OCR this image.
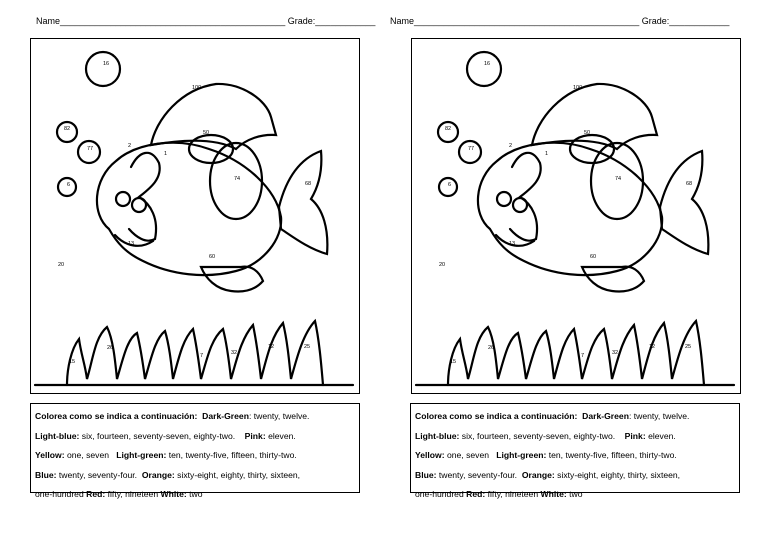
Name_____________________________________________ Grade:____________
16
100
50
82
2
77
1
6
74
68
13
20
60
26	25
12
7	32
15
Colorea como se indica a continuación: Dark-Green: twenty, twelve.
Light-blue: six, fourteen, seventy-seven, eighty-two. Pink: eleven.
Yellow: one, seven Light-green: ten, twenty-five, fifteen, thirty-two.
Blue: twenty, seventy-four. Orange: sixty-eight, eighty, thirty, sixteen,
one-hundred Red: fifty, nineteen White: two
Name_____________________________________________ Grade:____________
16
100
50
82
2
77
1
6
74
68
13
20
60
26	25
12
7	32
15
Colorea como se indica a continuación: Dark-Green: twenty, twelve.
Light-blue: six, fourteen, seventy-seven, eighty-two. Pink: eleven.
Yellow: one, seven Light-green: ten, twenty-five, fifteen, thirty-two.
Blue: twenty, seventy-four. Orange: sixty-eight, eighty, thirty, sixteen,
one-hundred Red: fifty, nineteen White: two
